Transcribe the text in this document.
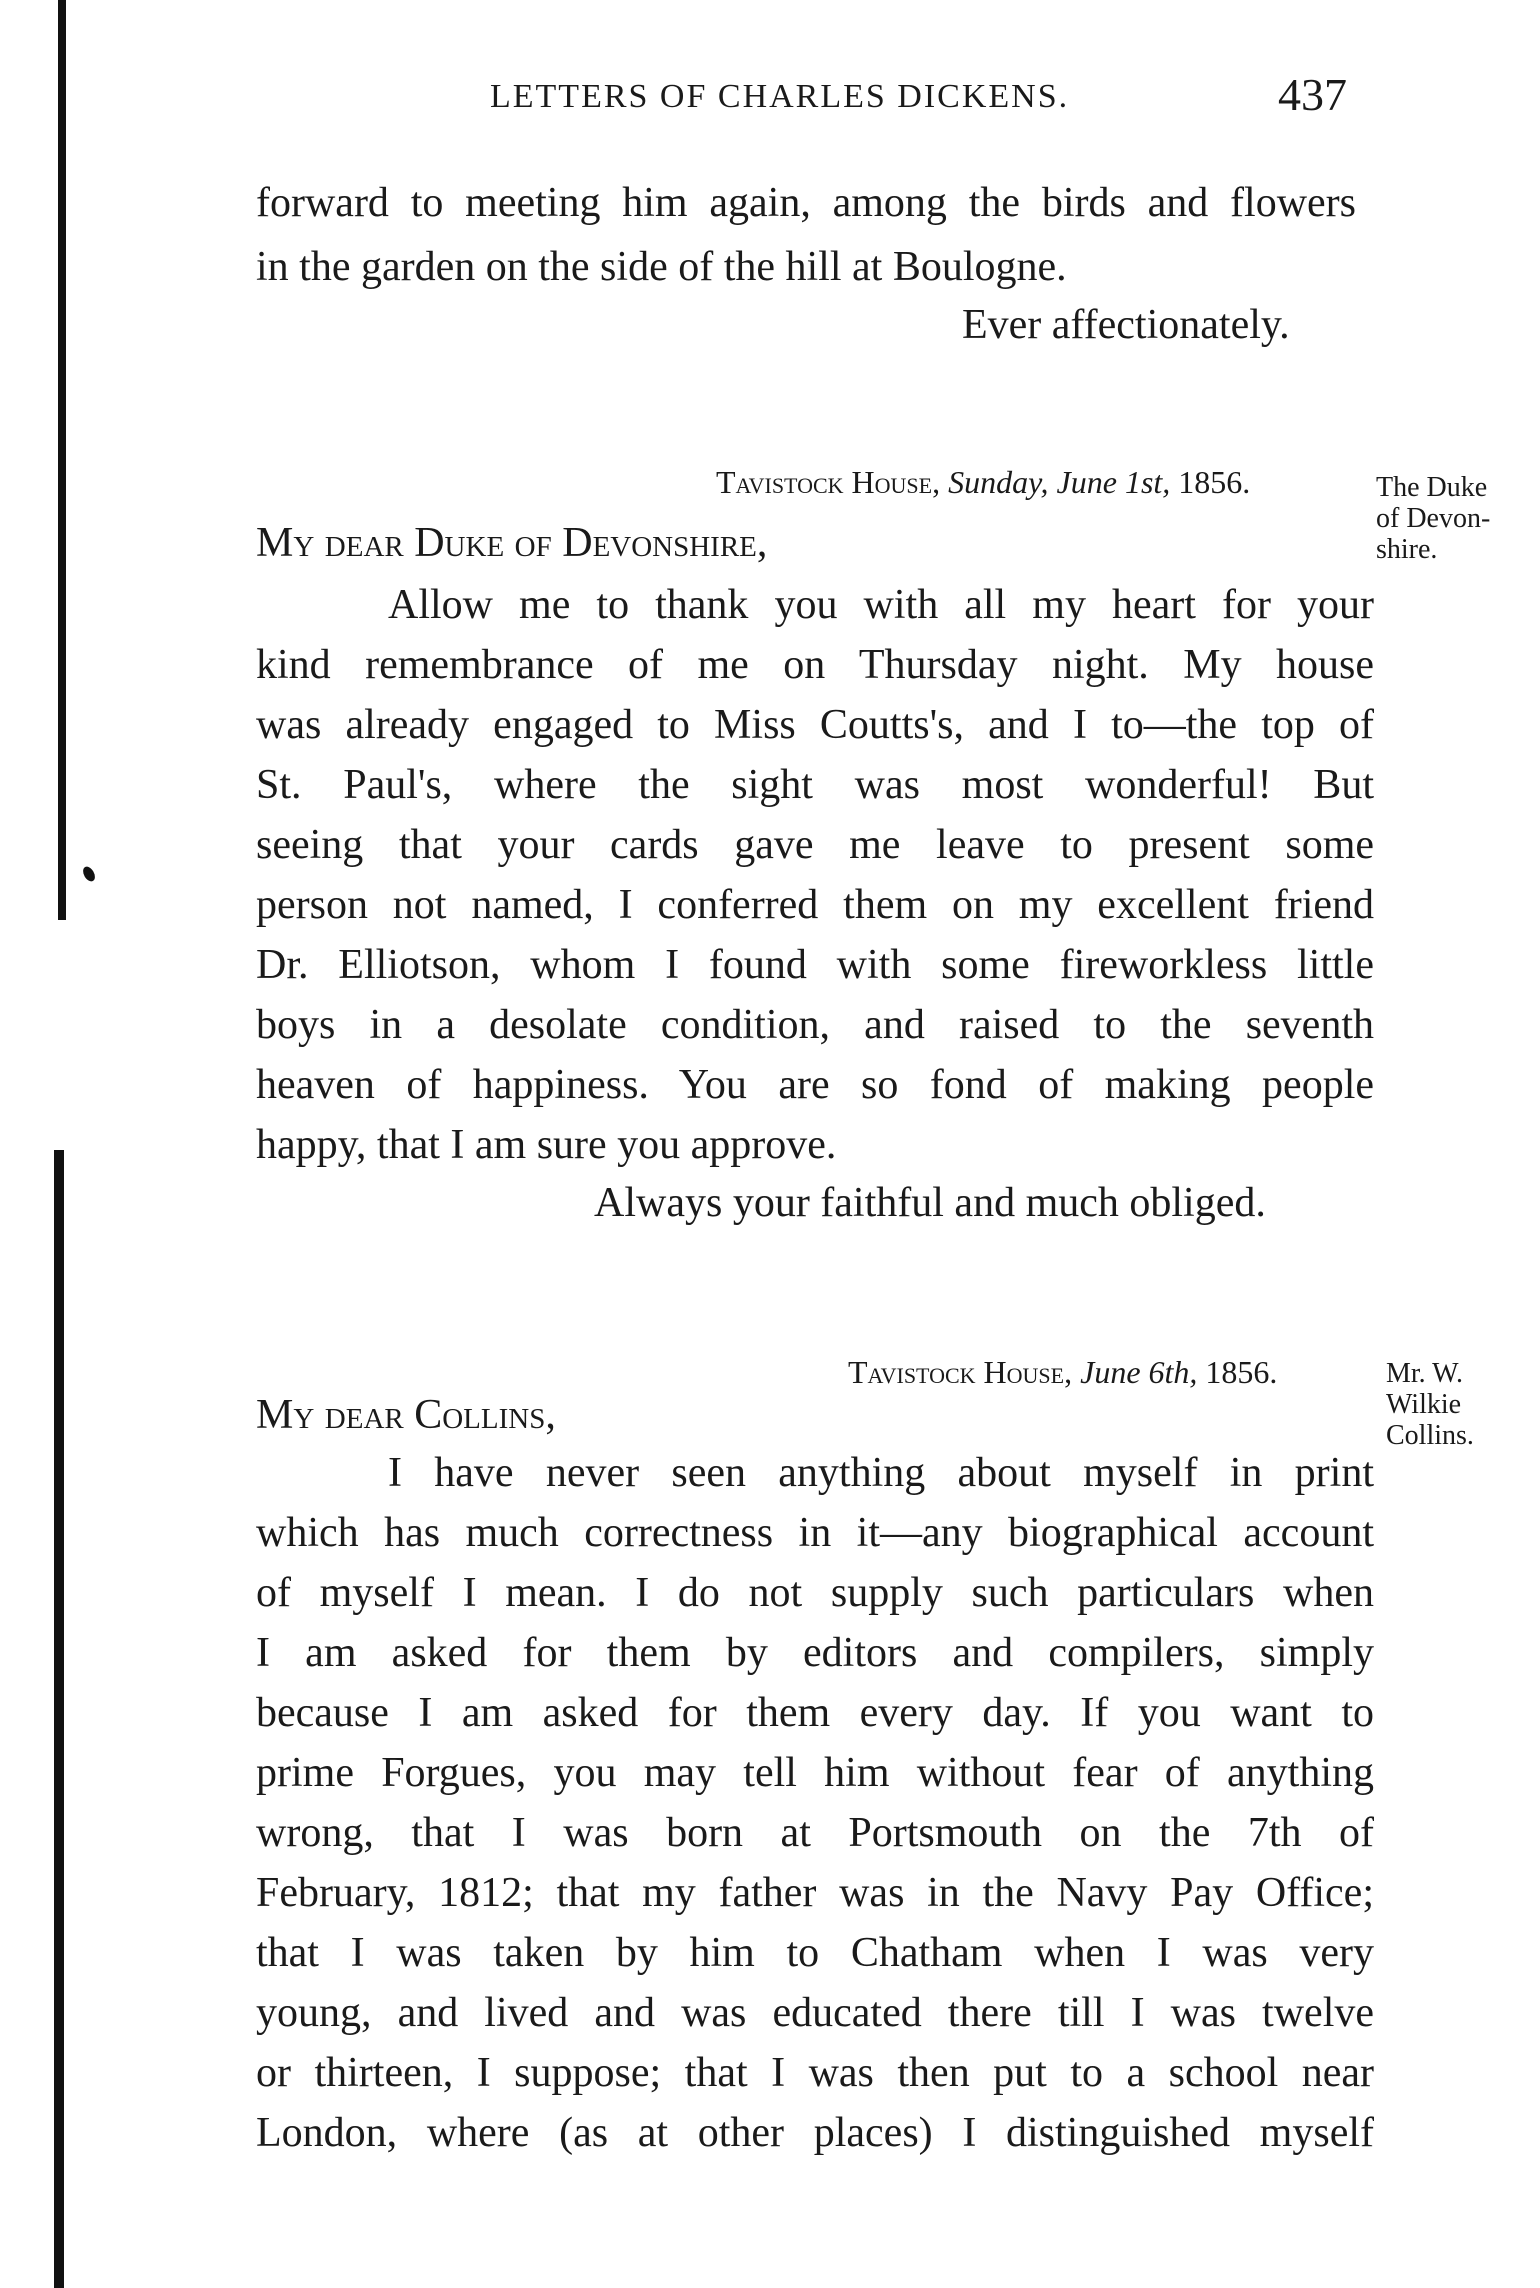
LETTERS OF CHARLES DICKENS.	437
forward to meeting him again, among the birds and flowers
in the garden on the side of the hill at Boulogne.
Ever affectionately.
Tavistock House, Sunday, June 1st, 1856.	The Duke
of Devon-
shire.
My dear Duke of Devonshire,
Allow me to thank you with all my heart for your
kind remembrance of me on Thursday night. My house
was already engaged to Miss Coutts's, and I to—the top of
St. Paul's, where the sight was most wonderful! But
seeing that your cards gave me leave to present some
person not named, I conferred them on my excellent friend
Dr. Elliotson, whom I found with some fireworkless little
boys in a desolate condition, and raised to the seventh
heaven of happiness. You are so fond of making people
happy, that I am sure you approve.
Always your faithful and much obliged.
Tavistock House, June 6th, 1856.	Mr. W.
Wilkie
Collins.
My dear Collins,
I have never seen anything about myself in print
which has much correctness in it—any biographical account
of myself I mean. I do not supply such particulars when
I am asked for them by editors and compilers, simply
because I am asked for them every day. If you want to
prime Forgues, you may tell him without fear of anything
wrong, that I was born at Portsmouth on the 7th of
February, 1812; that my father was in the Navy Pay Office;
that I was taken by him to Chatham when I was very
young, and lived and was educated there till I was twelve
or thirteen, I suppose; that I was then put to a school near
London, where (as at other places) I distinguished myself
